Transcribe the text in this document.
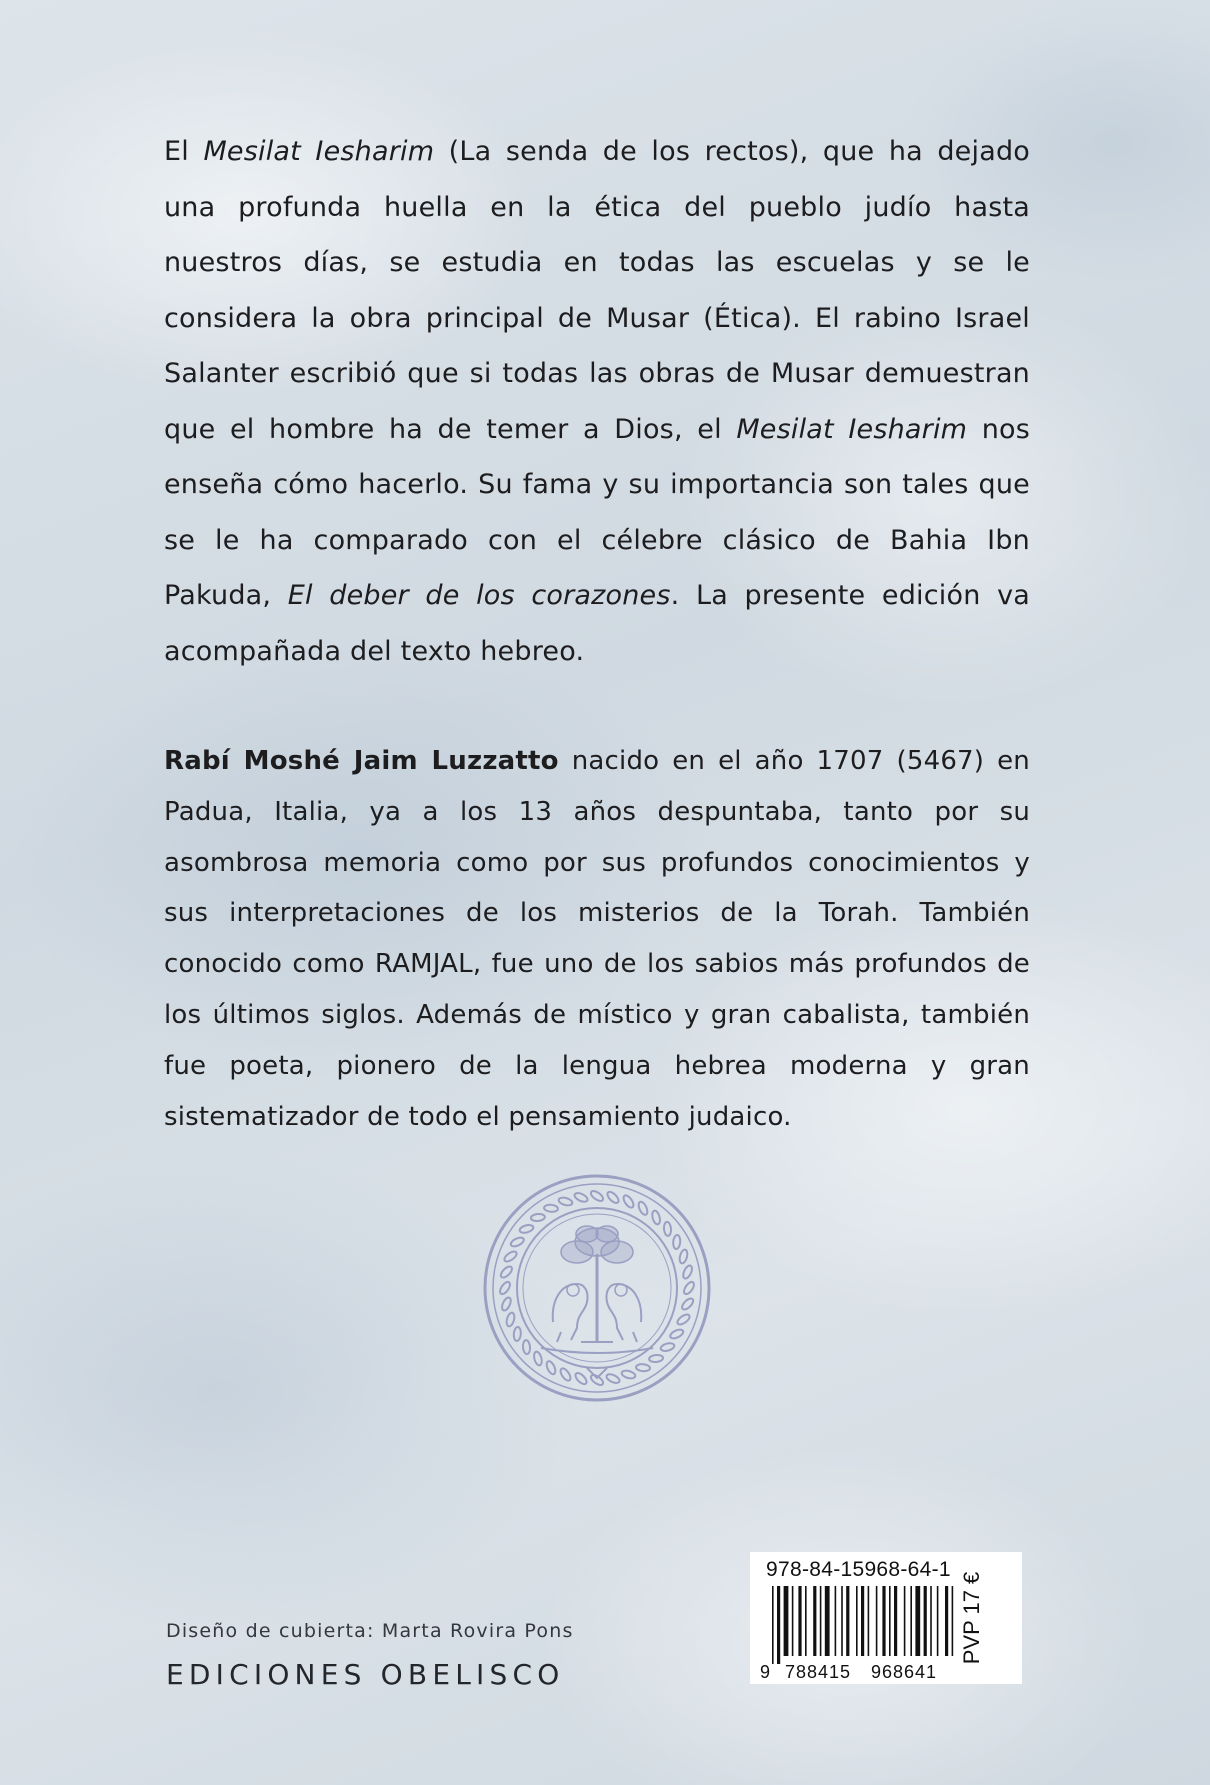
El Mesilat Iesharim (La senda de los rectos), que ha dejado una profunda huella en la ética del pueblo judío hasta nuestros días, se estudia en todas las escuelas y se le considera la obra principal de Musar (Ética). El rabino Israel Salanter escribió que si todas las obras de Musar demuestran que el hombre ha de temer a Dios, el Mesilat Iesharim nos enseña cómo hacerlo. Su fama y su importancia son tales que se le ha comparado con el célebre clásico de Bahia Ibn Pakuda, El deber de los corazones. La presente edición va acompañada del texto hebreo.
Rabí Moshé Jaim Luzzatto nacido en el año 1707 (5467) en Padua, Italia, ya a los 13 años despuntaba, tanto por su asombrosa memoria como por sus profundos conocimientos y sus interpretaciones de los misterios de la Torah. También conocido como RAMJAL, fue uno de los sabios más profundos de los últimos siglos. Además de místico y gran cabalista, también fue poeta, pionero de la lengua hebrea moderna y gran sistematizador de todo el pensamiento judaico.
Diseño de cubierta: Marta Rovira Pons
EDICIONES OBELISCO
978-84-15968-64-1
9 788415 968641
PVP 17 €
